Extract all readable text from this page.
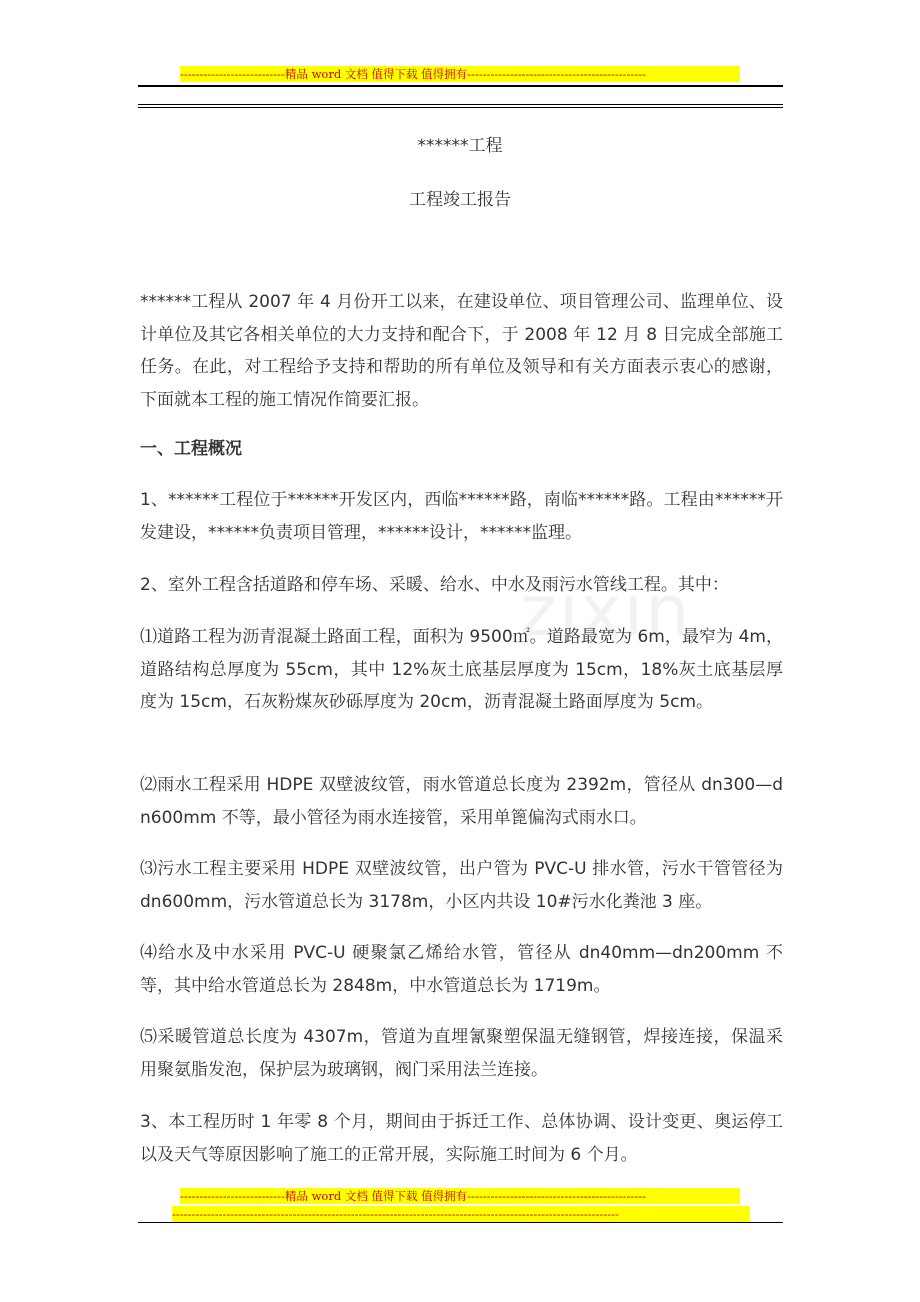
---------------------------精品 word 文档 值得下载 值得拥有----------------------------------------------
zixin
******工程
工程竣工报告
******工程从 2007 年 4 月份开工以来，在建设单位、项目管理公司、监理单位、设计单位及其它各相关单位的大力支持和配合下，于 2008 年 12 月 8 日完成全部施工任务。在此，对工程给予支持和帮助的所有单位及领导和有关方面表示衷心的感谢，下面就本工程的施工情况作简要汇报。
一、工程概况
1、******工程位于******开发区内，西临******路，南临******路。工程由******开发建设，******负责项目管理，******设计，******监理。
2、室外工程含括道路和停车场、采暖、给水、中水及雨污水管线工程。其中：
⑴道路工程为沥青混凝土路面工程，面积为 9500㎡。道路最宽为 6m，最窄为 4m，道路结构总厚度为 55cm，其中 12%灰土底基层厚度为 15cm，18%灰土底基层厚度为 15cm，石灰粉煤灰砂砾厚度为 20cm，沥青混凝土路面厚度为 5cm。
⑵雨水工程采用 HDPE 双壁波纹管，雨水管道总长度为 2392m，管径从 dn300—dn600mm 不等，最小管径为雨水连接管，采用单篦偏沟式雨水口。
⑶污水工程主要采用 HDPE 双壁波纹管，出户管为 PVC-U 排水管，污水干管管径为 dn600mm，污水管道总长为 3178m，小区内共设 10#污水化粪池 3 座。
⑷给水及中水采用 PVC-U 硬聚氯乙烯给水管，管径从 dn40mm—dn200mm 不等，其中给水管道总长为 2848m，中水管道总长为 1719m。
⑸采暖管道总长度为 4307m，管道为直埋氰聚塑保温无缝钢管，焊接连接，保温采用聚氨脂发泡，保护层为玻璃钢，阀门采用法兰连接。
3、本工程历时 1 年零 8 个月，期间由于拆迁工作、总体协调、设计变更、奥运停工以及天气等原因影响了施工的正常开展，实际施工时间为 6 个月。
---------------------------精品 word 文档 值得下载 值得拥有----------------------------------------------
-------------------------------------------------------------------------------------------------------------------
